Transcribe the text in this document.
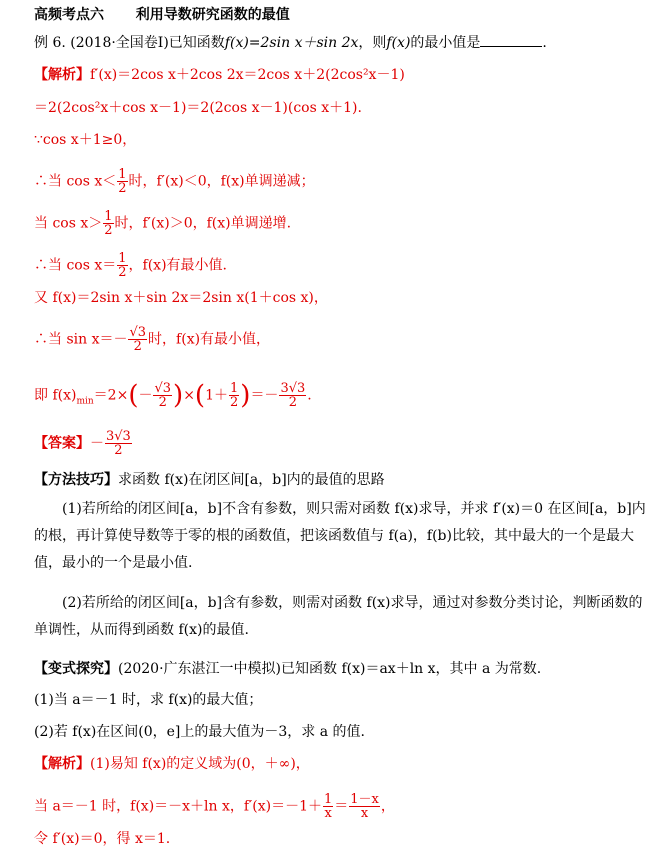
高频考点六 利用导数研究函数的最值
例 6. (2018·全国卷Ⅰ)已知函数f(x)=2sin x＋sin 2x，则f(x)的最小值是	.
【解析】f′(x)＝2cos x＋2cos 2x＝2cos x＋2(2cos²x－1)
＝2(2cos²x＋cos x－1)＝2(2cos x－1)(cos x＋1).
∵cos x＋1≥0，
∴当 $\cos x< \frac{1}{2}$ 时，f′(x)＜0，f(x)单调递减；
当 $\cos x> \frac{1}{2}$ 时，f′(x)＞0，f(x)单调递增.
∴当 $\cos x= \frac{1}{2}$ ，f(x)有最小值.
又 f(x)＝2sin x＋sin 2x＝2sin x(1＋cos x)，
∴当 $\sin x=- \frac{√3}{2}$ 时，f(x)有最小值，
即 $f(x)_{min}=2\times(- \frac{√3}{2} )\times(1+ \frac{1}{2}$ )＝－ $\frac{3√3}{2}$ .
【答案】－ $\frac{3√3}{2}$
【方法技巧】求函数 f(x)在闭区间[a，b]内的最值的思路
(1)若所给的闭区间[a，b]不含有参数，则只需对函数 f(x)求导，并求 f′(x)＝0 在区间[a，b]内的根，再计算使导数等于零的根的函数值，把该函数值与 f(a)，f(b)比较，其中最大的一个是最大值，最小的一个是最小值.
(2)若所给的闭区间[a，b]含有参数，则需对函数 f(x)求导，通过对参数分类讨论，判断函数的单调性，从而得到函数 f(x)的最值.
【变式探究】(2020·广东湛江一中模拟)已知函数 f(x)＝ax＋ln x，其中 a 为常数.
(1)当 a＝－1 时，求 f(x)的最大值；
(2)若 f(x)在区间(0，e]上的最大值为－3，求 a 的值.
【解析】(1)易知 f(x)的定义域为(0，＋∞)，
当 a＝－1 时，f(x)＝－x＋ln x，$f'(x)=-1+ \frac{1}{x} = \frac{1-x}{x}$ ，
令 f′(x)＝0，得 x＝1.
